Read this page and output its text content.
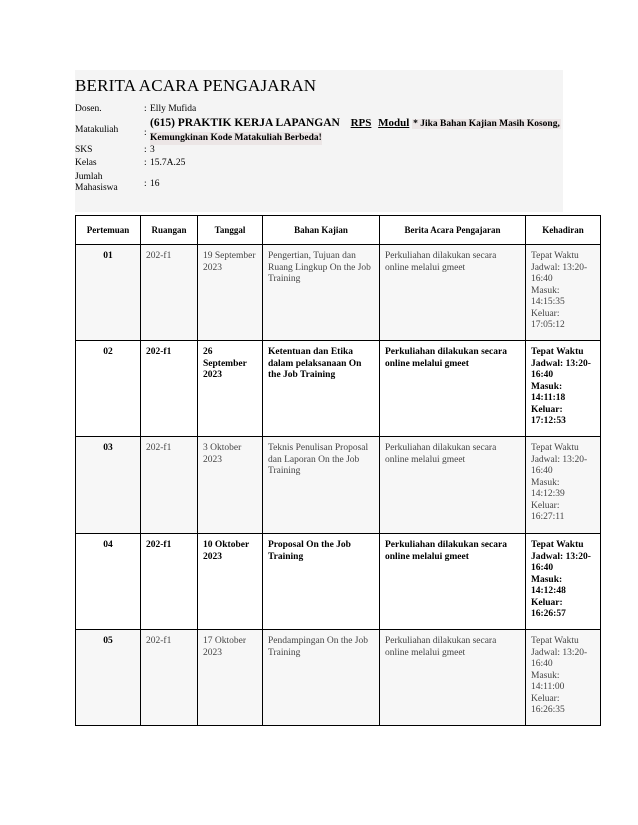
BERITA ACARA PENGAJARAN
Dosen.	: Elly Mufida
Matakuliah	:
(615) PRAKTIK KERJA LAPANGAN RPS Modul * Jika Bahan Kajian Masih Kosong,
Kemungkinan Kode Matakuliah Berbeda!
SKS	: 3
Kelas	: 15.7A.25
Jumlah Mahasiswa	: 16
Pertemuan	Ruangan	Tanggal	Bahan Kajian	Berita Acara Pengajaran	Kehadiran
01	202-f1	19 September 2023	Pengertian, Tujuan dan Ruang Lingkup On the Job Training	Perkuliahan dilakukan secara online melalui gmeet	Tepat Waktu
Jadwal: 13:20-16:40
Masuk: 14:15:35
Keluar: 17:05:12

02	202-f1	26 September 2023	Ketentuan dan Etika dalam pelaksanaan On the Job Training	Perkuliahan dilakukan secara online melalui gmeet	Tepat Waktu
Jadwal: 13:20-16:40
Masuk: 14:11:18
Keluar: 17:12:53

03	202-f1	3 Oktober 2023	Teknis Penulisan Proposal dan Laporan On the Job Training	Perkuliahan dilakukan secara online melalui gmeet	Tepat Waktu
Jadwal: 13:20-16:40
Masuk: 14:12:39
Keluar: 16:27:11

04	202-f1	10 Oktober 2023	Proposal On the Job Training	Perkuliahan dilakukan secara online melalui gmeet	Tepat Waktu
Jadwal: 13:20-16:40
Masuk: 14:12:48
Keluar: 16:26:57

05	202-f1	17 Oktober 2023	Pendampingan On the Job Training	Perkuliahan dilakukan secara online melalui gmeet	Tepat Waktu
Jadwal: 13:20-16:40
Masuk: 14:11:00
Keluar: 16:26:35
